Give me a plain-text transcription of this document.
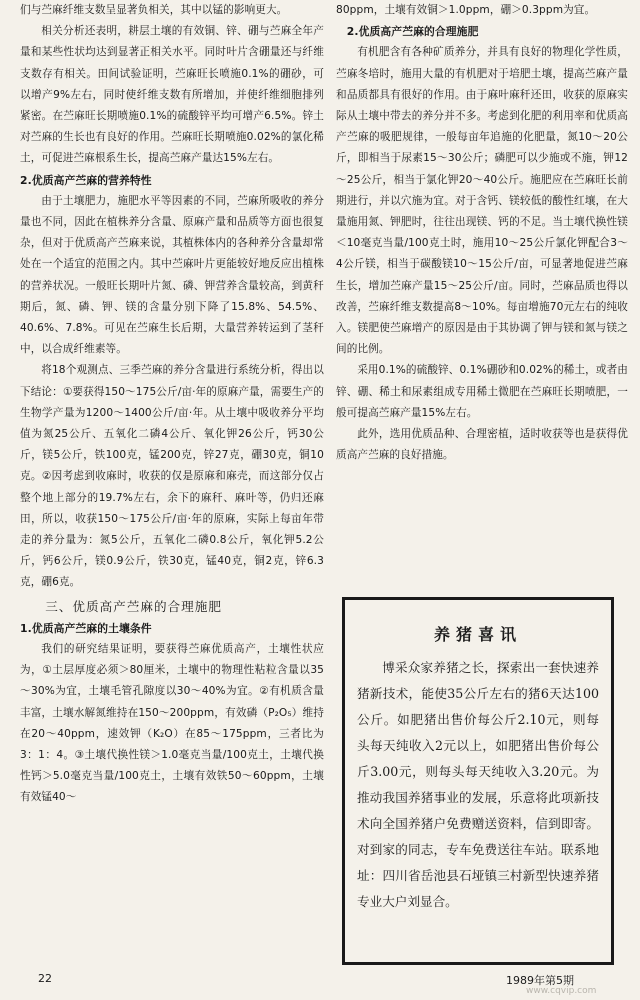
们与苎麻纤维支数呈显著负相关，其中以锰的影响更大。

相关分析还表明，耕层土壤的有效铜、锌、硼与苎麻全年产量和某些性状均达到显著正相关水平。同时叶片含硼量还与纤维支数存有相关。田间试验证明，苎麻旺长喷施0.1%的硼砂，可以增产9%左右，同时使纤维支数有所增加，并使纤维细胞排列紧密。在苎麻旺长期喷施0.1%的硫酸锌平均可增产6.5%。锌土对苎麻的生长也有良好的作用。苎麻旺长期喷施0.02%的氯化稀土，可促进苎麻根系生长，提高苎麻产量达15%左右。

2.优质高产苎麻的营养特性

由于土壤肥力，施肥水平等因素的不同，苎麻所吸收的养分量也不同，因此在植株养分含量、原麻产量和品质等方面也很复杂，但对于优质高产苎麻来说，其植株体内的各种养分含量却常处在一个适宜的范围之内。其中苎麻叶片更能较好地反应出植株的营养状况。一般旺长期叶片氮、磷、钾营养含量较高，到黄秆期后，氮、磷、钾、镁的含量分别下降了15.8%、54.5%、40.6%、7.8%。可见在苎麻生长后期，大量营养转运到了茎秆中，以合成纤维素等。

将18个观测点、三季苎麻的养分含量进行系统分析，得出以下结论：①要获得150～175公斤/亩·年的原麻产量，需要生产的生物学产量为1200～1400公斤/亩·年。从土壤中吸收养分平均值为氮25公斤、五氧化二磷4公斤、氧化钾26公斤，钙30公斤，镁5公斤，铁100克，锰200克，锌27克，硼30克，铜10克。②因考虑到收麻时，收获的仅是原麻和麻壳，而这部分仅占整个地上部分的19.7%左右，余下的麻秆、麻叶等，仍归还麻田，所以，收获150～175公斤/亩·年的原麻，实际上每亩年带走的养分量为：氮5公斤，五氧化二磷0.8公斤，氧化钾5.2公斤，钙6公斤，镁0.9公斤，铁30克，锰40克，铜2克，锌6.3克，硼6克。

三、优质高产苎麻的合理施肥
1.优质高产苎麻的土壤条件

我们的研究结果证明，要获得苎麻优质高产，土壤性状应为，①土层厚度必须＞80厘米，土壤中的物理性粘粒含量以35～30%为宜，土壤毛管孔隙度以30～40%为宜。②有机质含量丰富，土壤水解氮维持在150～200ppm，有效磷（P₂O₅）维持在20～40ppm，速效钾（K₂O）在85～175ppm，三者比为3：1：4。③土壤代换性镁＞1.0毫克当量/100克土，土壤代换性钙＞5.0毫克当量/100克土，土壤有效铁50～60ppm，土壤有效锰40～

80ppm，土壤有效铜＞1.0ppm，硼＞0.3ppm为宜。

2.优质高产苎麻的合理施肥

有机肥含有各种矿质养分，并具有良好的物理化学性质，苎麻冬培时，施用大量的有机肥对于培肥土壤，提高苎麻产量和品质都具有很好的作用。由于麻叶麻秆还田，收获的原麻实际从土壤中带去的养分并不多。考虑到化肥的利用率和优质高产苎麻的吸肥规律，一般每亩年追施的化肥量，氮10～20公斤，即相当于尿素15～30公斤；磷肥可以少施或不施，钾12～25公斤，相当于氯化钾20～40公斤。施肥应在苎麻旺长前期进行，并以穴施为宜。对于含钙、镁较低的酸性红壤，在大量施用氮、钾肥时，往往出现镁、钙的不足。当土壤代换性镁＜10毫克当量/100克土时，施用10～25公斤氯化钾配合3～4公斤镁，相当于碳酸镁10～15公斤/亩，可显著地促进苎麻生长，增加苎麻产量15～25公斤/亩。同时，苎麻品质也得以改善，苎麻纤维支数提高8～10%。每亩增施70元左右的纯收入。镁肥使苎麻增产的原因是由于其协调了钾与镁和氮与镁之间的比例。

采用0.1%的硫酸锌、0.1%硼砂和0.02%的稀土，或者由锌、硼、稀土和尿素组成专用稀土微肥在苎麻旺长期喷肥，一般可提高苎麻产量15%左右。

此外，选用优质品种、合理密植，适时收获等也是获得优质高产苎麻的良好措施。

养猪喜讯

博采众家养猪之长，探索出一套快速养猪新技术，能使35公斤左右的猪6天达100公斤。如肥猪出售价每公斤2.10元，则每头每天纯收入2元以上，如肥猪出售价每公斤3.00元，则每头每天纯收入3.20元。为推动我国养猪事业的发展，乐意将此项新技术向全国养猪户免费赠送资料，信到即寄。对到家的同志，专车免费送往车站。联系地址：四川省岳池县石垭镇三村新型快速养猪专业大户刘显合。

22	1989年第5期
www.cqvip.com
